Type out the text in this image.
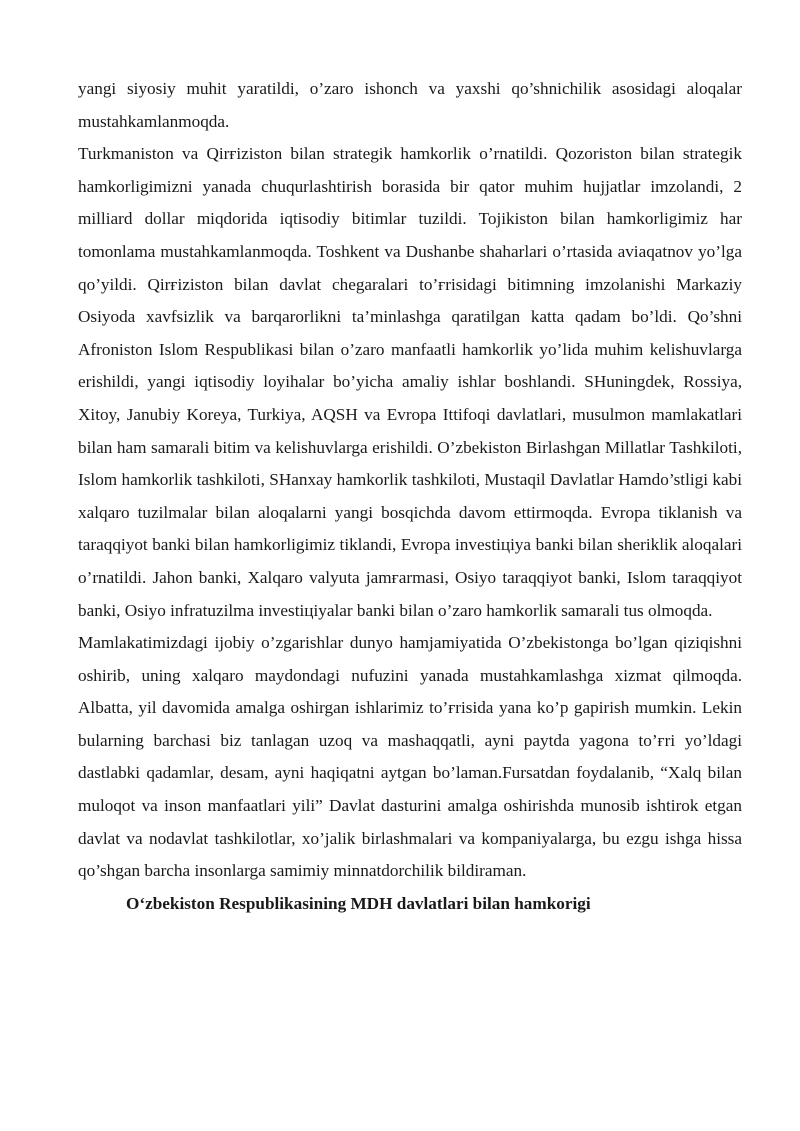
yangi siyosiy muhit yaratildi, o’zaro ishonch va yaxshi qo’shnichilik asosidagi aloqalar mustahkamlanmoqda.

Turkmaniston va Qirғiziston bilan strategik hamkorlik o’rnatildi. Qozoriston bilan strategik hamkorligimizni yanada chuqurlashtirish borasida bir qator muhim hujjatlar imzolandi, 2 milliard dollar miqdorida iqtisodiy bitimlar tuzildi. Tojikiston bilan hamkorligimiz har tomonlama mustahkamlanmoqda. Toshkent va Dushanbe shaharlari o’rtasida aviaqatnov yo’lga qo’yildi. Qirғiziston bilan davlat chegaralari to’ғrisidagi bitimning imzolanishi Markaziy Osiyoda xavfsizlik va barqarorlikni ta’minlashga qaratilgan katta qadam bo’ldi. Qo’shni Afroniston Islom Respublikasi bilan o’zaro manfaatli hamkorlik yo’lida muhim kelishuvlarga erishildi, yangi iqtisodiy loyihalar bo’yicha amaliy ishlar boshlandi. SHuningdek, Rossiya, Xitoy, Janubiy Koreya, Turkiya, AQSH va Evropa Ittifoqi davlatlari, musulmon mamlakatlari bilan ham samarali bitim va kelishuvlarga erishildi. O’zbekiston Birlashgan Millatlar Tashkiloti, Islom hamkorlik tashkiloti, SHanxay hamkorlik tashkiloti, Mustaqil Davlatlar Hamdo’stligi kabi xalqaro tuzilmalar bilan aloqalarni yangi bosqichda davom ettirmoqda. Evropa tiklanish va taraqqiyot banki bilan hamkorligimiz tiklandi, Evropa investiцiya banki bilan sheriklik aloqalari o’rnatildi. Jahon banki, Xalqaro valyuta jamғarmasi, Osiyo taraqqiyot banki, Islom taraqqiyot banki, Osiyo infratuzilma investiцiyalar banki bilan o’zaro hamkorlik samarali tus olmoqda.

Mamlakatimizdagi ijobiy o’zgarishlar dunyo hamjamiyatida O’zbekistonga bo’lgan qiziqishni oshirib, uning xalqaro maydondagi nufuzini yanada mustahkamlashga xizmat qilmoqda. Albatta, yil davomida amalga oshirgan ishlarimiz to’ғrisida yana ko’p gapirish mumkin. Lekin bularning barchasi biz tanlagan uzoq va mashaqqatli, ayni paytda yagona to’ғri yo’ldagi dastlabki qadamlar, desam, ayni haqiqatni aytgan bo’laman.Fursatdan foydalanib, “Xalq bilan muloqot va inson manfaatlari yili” Davlat dasturini amalga oshirishda munosib ishtirok etgan davlat va nodavlat tashkilotlar, xo’jalik birlashmalari va kompaniyalarga, bu ezgu ishga hissa qo’shgan barcha insonlarga samimiy minnatdorchilik bildiraman.

O‘zbekiston Respublikasining MDH davlatlari bilan hamkorigi
